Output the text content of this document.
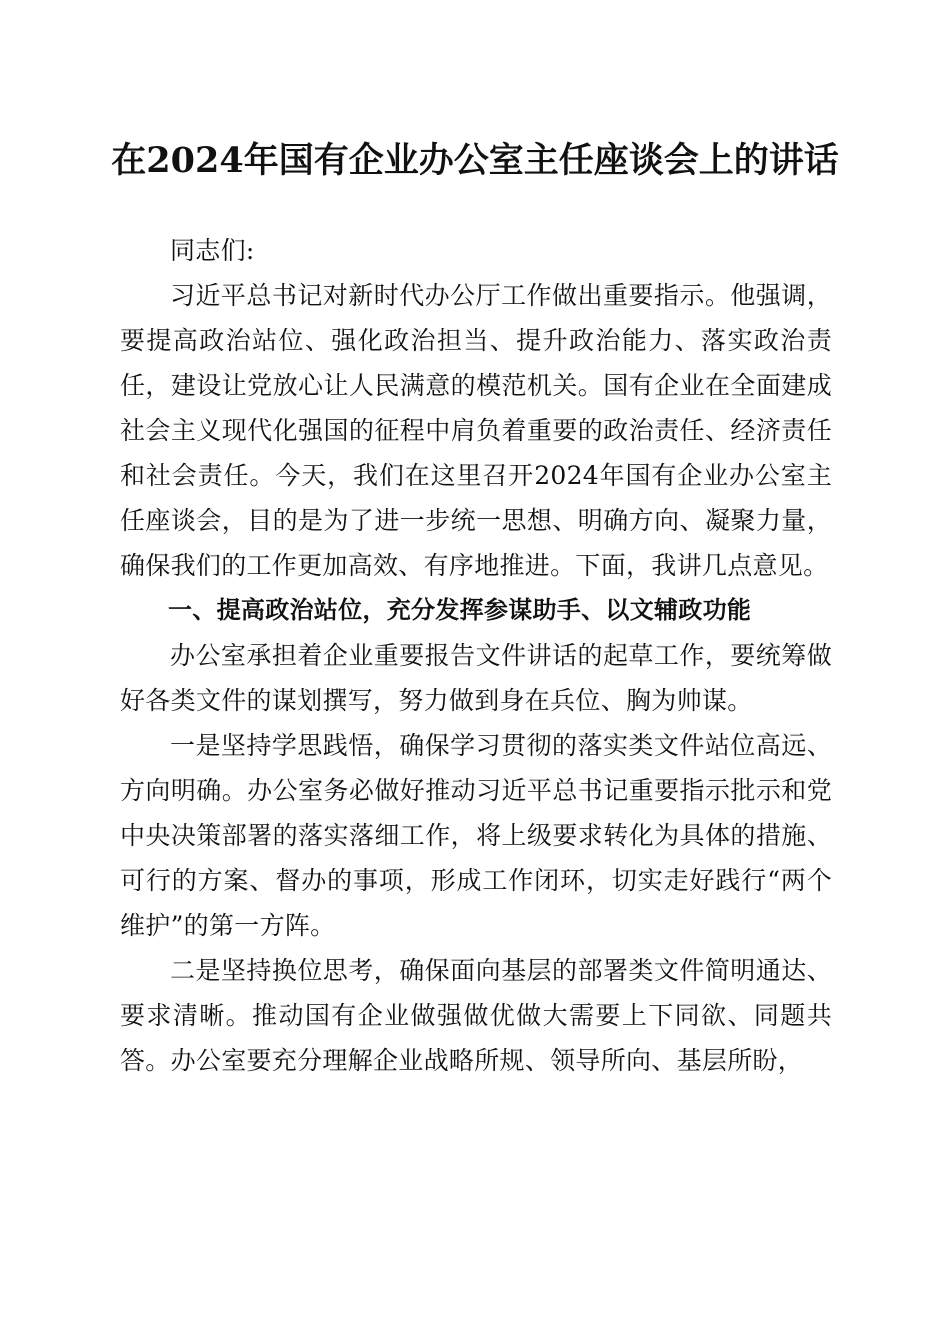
在2024年国有企业办公室主任座谈会上的讲话

同志们:

习近平总书记对新时代办公厅工作做出重要指示。他强调，要提高政治站位、强化政治担当、提升政治能力、落实政治责任，建设让党放心让人民满意的模范机关。国有企业在全面建成社会主义现代化强国的征程中肩负着重要的政治责任、经济责任和社会责任。今天，我们在这里召开2024年国有企业办公室主任座谈会，目的是为了进一步统一思想、明确方向、凝聚力量，确保我们的工作更加高效、有序地推进。下面，我讲几点意见。

一、提高政治站位，充分发挥参谋助手、以文辅政功能

办公室承担着企业重要报告文件讲话的起草工作，要统筹做好各类文件的谋划撰写，努力做到身在兵位、胸为帅谋。

一是坚持学思践悟，确保学习贯彻的落实类文件站位高远、方向明确。办公室务必做好推动习近平总书记重要指示批示和党中央决策部署的落实落细工作，将上级要求转化为具体的措施、可行的方案、督办的事项，形成工作闭环，切实走好践行“两个维护”的第一方阵。

二是坚持换位思考，确保面向基层的部署类文件简明通达、要求清晰。推动国有企业做强做优做大需要上下同欲、同题共答。办公室要充分理解企业战略所规、领导所向、基层所盼，
